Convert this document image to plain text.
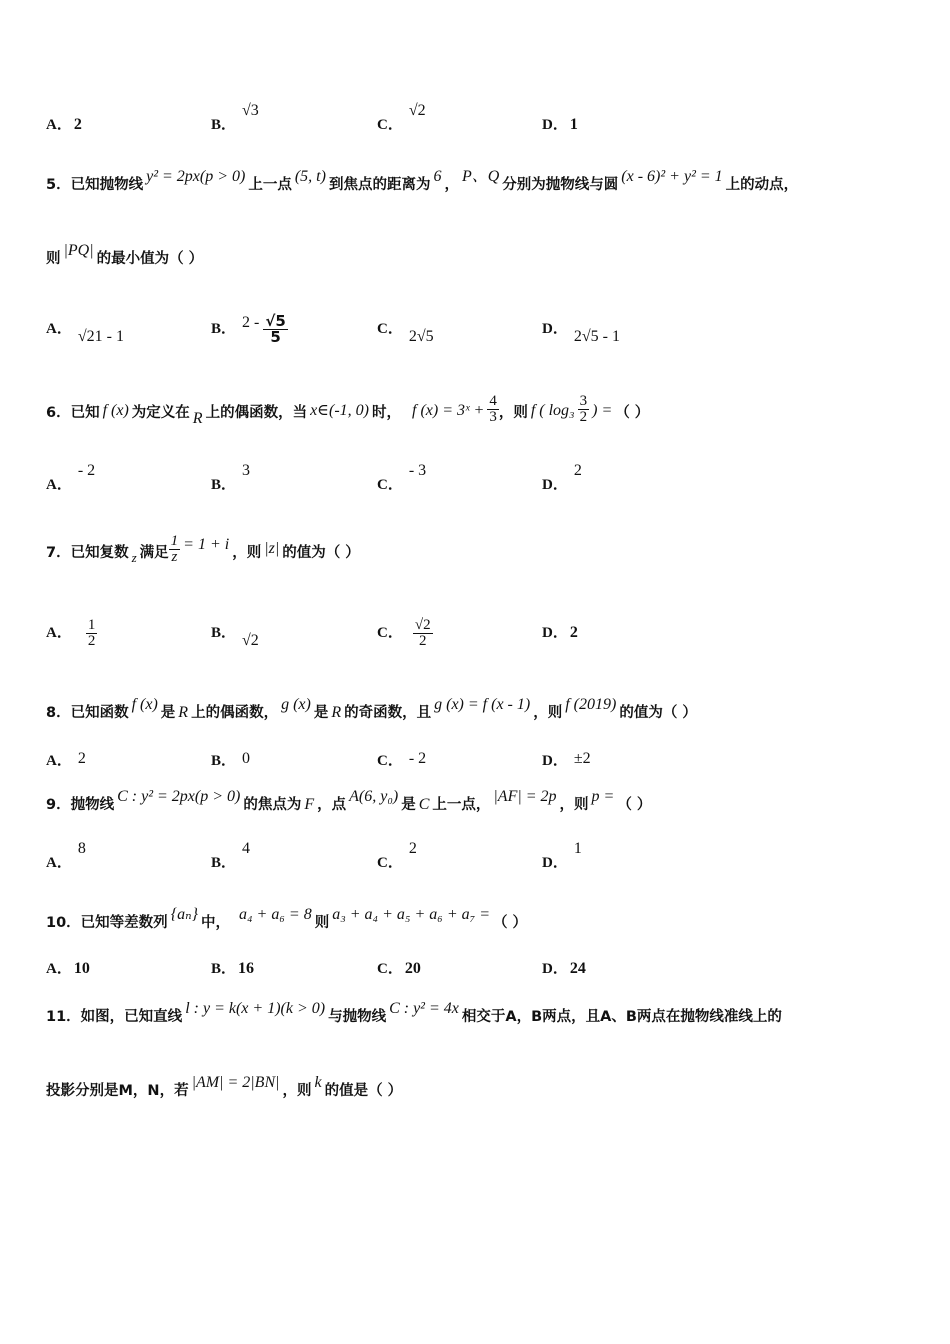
A． 2	B．
√3
C．
√2
D． 1
5．已知抛物线 y² = 2px(p > 0) 上一点 (5, t) 到焦点的距离为 6 ， P、Q 分别为抛物线与圆 (x - 6)² + y² = 1 上的动点，
则 |PQ| 的最小值为（ ）
A． √21 - 1	B． $2 - \frac{√5}{5}$	C． 2√5	D． 2√5 - 1
6．已知 f (x) 为定义在 R 上的偶函数，当 x∈(-1, 0) 时， f (x) = 3ˣ + $\frac{4}{3}$ ，则 f ( $\log_3 \frac{3}{2}$ ) = （ ）
A．
- 2
B．
3
C．
- 3
D．
2
7．已知复数 z 满足 $\frac{1}{z} = 1 + i$ ，则 |z| 的值为（ ）
A． $\frac{1}{2}$	B． √2	C． $\frac{√2}{2}$	D． 2
8．已知函数 f (x) 是 R 上的偶函数， g (x) 是 R 的奇函数，且 g (x) = f (x - 1) ，则 f (2019) 的值为（ ）
A． 2	B． 0	C． - 2	D． ±2
9．抛物线 C : y² = 2px(p > 0) 的焦点为 F ，点 A(6, y₀) 是 C 上一点， |AF| = 2p ，则 p = （ ）
A．
8
B．
4
C．
2
D．
1
10．已知等差数列 {aₙ} 中， a₄ + a₆ = 8 则 a₃ + a₄ + a₅ + a₆ + a₇ = （ ）
A． 10	B． 16	C． 20	D． 24
11．如图，已知直线 l : y = k(x + 1)(k > 0) 与抛物线 C : y² = 4x 相交于A，B两点，且A、B两点在抛物线准线上的
投影分别是M，N，若 |AM| = 2|BN| ，则 k 的值是（ ）
